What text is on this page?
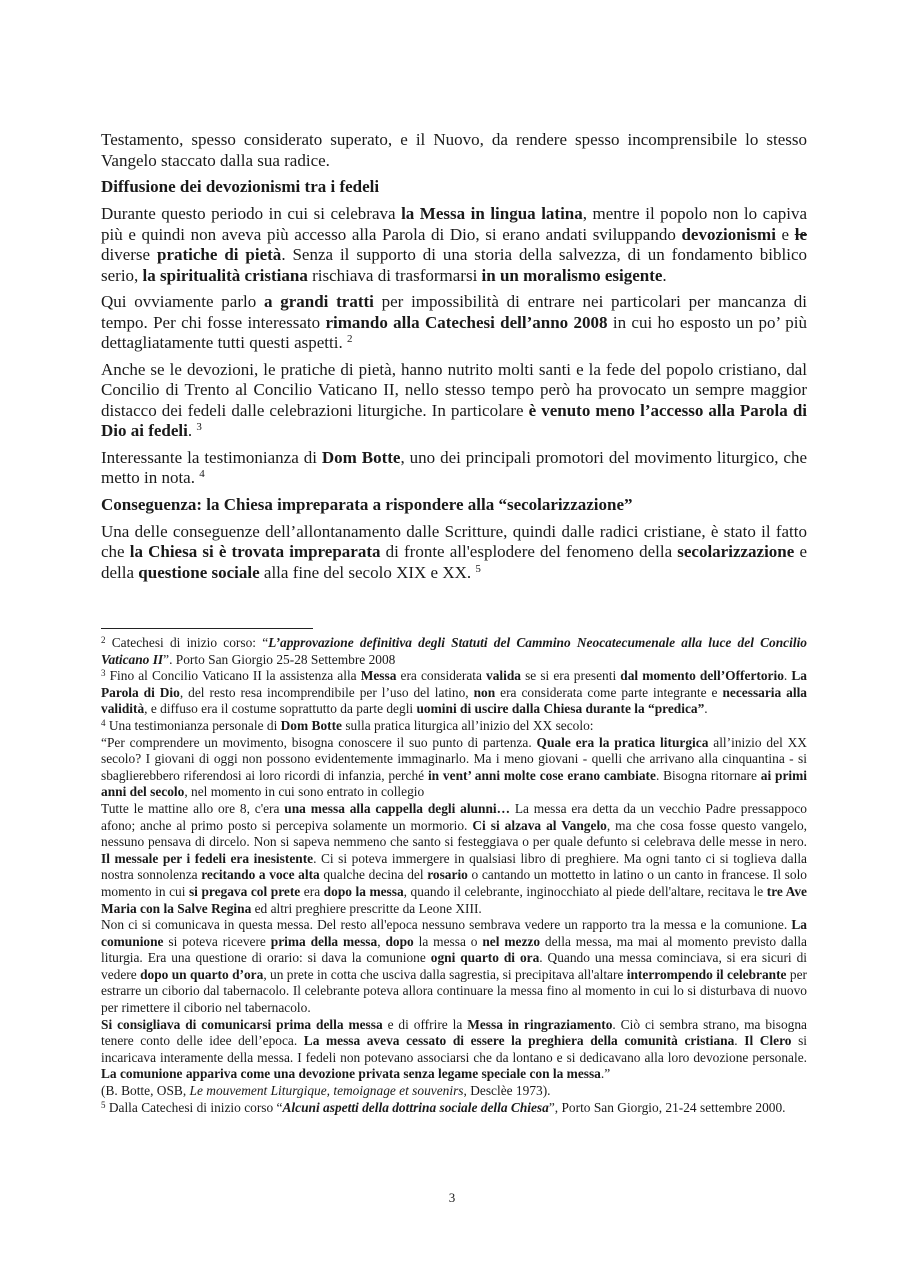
Testamento, spesso considerato superato, e il Nuovo, da rendere spesso incomprensibile lo stesso Vangelo staccato dalla sua radice.

Diffusione dei devozionismi tra i fedeli

Durante questo periodo in cui si celebrava la Messa in lingua latina, mentre il popolo non lo capiva più e quindi non aveva più accesso alla Parola di Dio, si erano andati sviluppando devozionismi e le diverse pratiche di pietà. Senza il supporto di una storia della salvezza, di un fondamento biblico serio, la spiritualità cristiana rischiava di trasformarsi in un moralismo esigente.

Qui ovviamente parlo a grandi tratti per impossibilità di entrare nei particolari per mancanza di tempo. Per chi fosse interessato rimando alla Catechesi dell’anno 2008 in cui ho esposto un po’ più dettagliatamente tutti questi aspetti. $^2$

Anche se le devozioni, le pratiche di pietà, hanno nutrito molti santi e la fede del popolo cristiano, dal Concilio di Trento al Concilio Vaticano II, nello stesso tempo però ha provocato un sempre maggior distacco dei fedeli dalle celebrazioni liturgiche. In particolare è venuto meno l’accesso alla Parola di Dio ai fedeli. $^3$

Interessante la testimonianza di Dom Botte, uno dei principali promotori del movimento liturgico, che metto in nota. $^4$

Conseguenza: la Chiesa impreparata a rispondere alla “secolarizzazione”

Una delle conseguenze dell’allontanamento dalle Scritture, quindi dalle radici cristiane, è stato il fatto che la Chiesa si è trovata impreparata di fronte all'esplodere del fenomeno della secolarizzazione e della questione sociale alla fine del secolo XIX e XX. $^5$

$^2$ Catechesi di inizio corso: “L’approvazione definitiva degli Statuti del Cammino Neocatecumenale alla luce del Concilio Vaticano II”. Porto San Giorgio 25-28 Settembre 2008

$^3$ Fino al Concilio Vaticano II la assistenza alla Messa era considerata valida se si era presenti dal momento dell’Offertorio. La Parola di Dio, del resto resa incomprendibile per l’uso del latino, non era considerata come parte integrante e necessaria alla validità, e diffuso era il costume soprattutto da parte degli uomini di uscire dalla Chiesa durante la “predica”.

$^4$ Una testimonianza personale di Dom Botte sulla pratica liturgica all’inizio del XX secolo:

“Per comprendere un movimento, bisogna conoscere il suo punto di partenza. Quale era la pratica liturgica all’inizio del XX secolo? I giovani di oggi non possono evidentemente immaginarlo. Ma i meno giovani - quelli che arrivano alla cinquantina - si sbaglierebbero riferendosi ai loro ricordi di infanzia, perché in vent’ anni molte cose erano cambiate. Bisogna ritornare ai primi anni del secolo, nel momento in cui sono entrato in collegio

Tutte le mattine allo ore 8, c'era una messa alla cappella degli alunni… La messa era detta da un vecchio Padre pressappoco afono; anche al primo posto si percepiva solamente un mormorio. Ci si alzava al Vangelo, ma che cosa fosse questo vangelo, nessuno pensava di dircelo. Non si sapeva nemmeno che santo si festeggiava o per quale defunto si celebrava delle messe in nero. Il messale per i fedeli era inesistente. Ci si poteva immergere in qualsiasi libro di preghiere. Ma ogni tanto ci si toglieva dalla nostra sonnolenza recitando a voce alta qualche decina del rosario o cantando un mottetto in latino o un canto in francese. Il solo momento in cui si pregava col prete era dopo la messa, quando il celebrante, inginocchiato al piede dell'altare, recitava le tre Ave Maria con la Salve Regina ed altri preghiere prescritte da Leone XIII.

Non ci si comunicava in questa messa. Del resto all'epoca nessuno sembrava vedere un rapporto tra la messa e la comunione. La comunione si poteva ricevere prima della messa, dopo la messa o nel mezzo della messa, ma mai al momento previsto dalla liturgia. Era una questione di orario: si dava la comunione ogni quarto di ora. Quando una messa cominciava, si era sicuri di vedere dopo un quarto d’ora, un prete in cotta che usciva dalla sagrestia, si precipitava all'altare interrompendo il celebrante per estrarre un ciborio dal tabernacolo. Il celebrante poteva allora continuare la messa fino al momento in cui lo si disturbava di nuovo per rimettere il ciborio nel tabernacolo.

Si consigliava di comunicarsi prima della messa e di offrire la Messa in ringraziamento. Ciò ci sembra strano, ma bisogna tenere conto delle idee dell’epoca. La messa aveva cessato di essere la preghiera della comunità cristiana. Il Clero si incaricava interamente della messa. I fedeli non potevano associarsi che da lontano e si dedicavano alla loro devozione personale. La comunione appariva come una devozione privata senza legame speciale con la messa.”

(B. Botte, OSB, Le mouvement Liturgique, temoignage et souvenirs, Desclèe 1973).

$^5$ Dalla Catechesi di inizio corso “Alcuni aspetti della dottrina sociale della Chiesa”, Porto San Giorgio, 21-24 settembre 2000.

3
